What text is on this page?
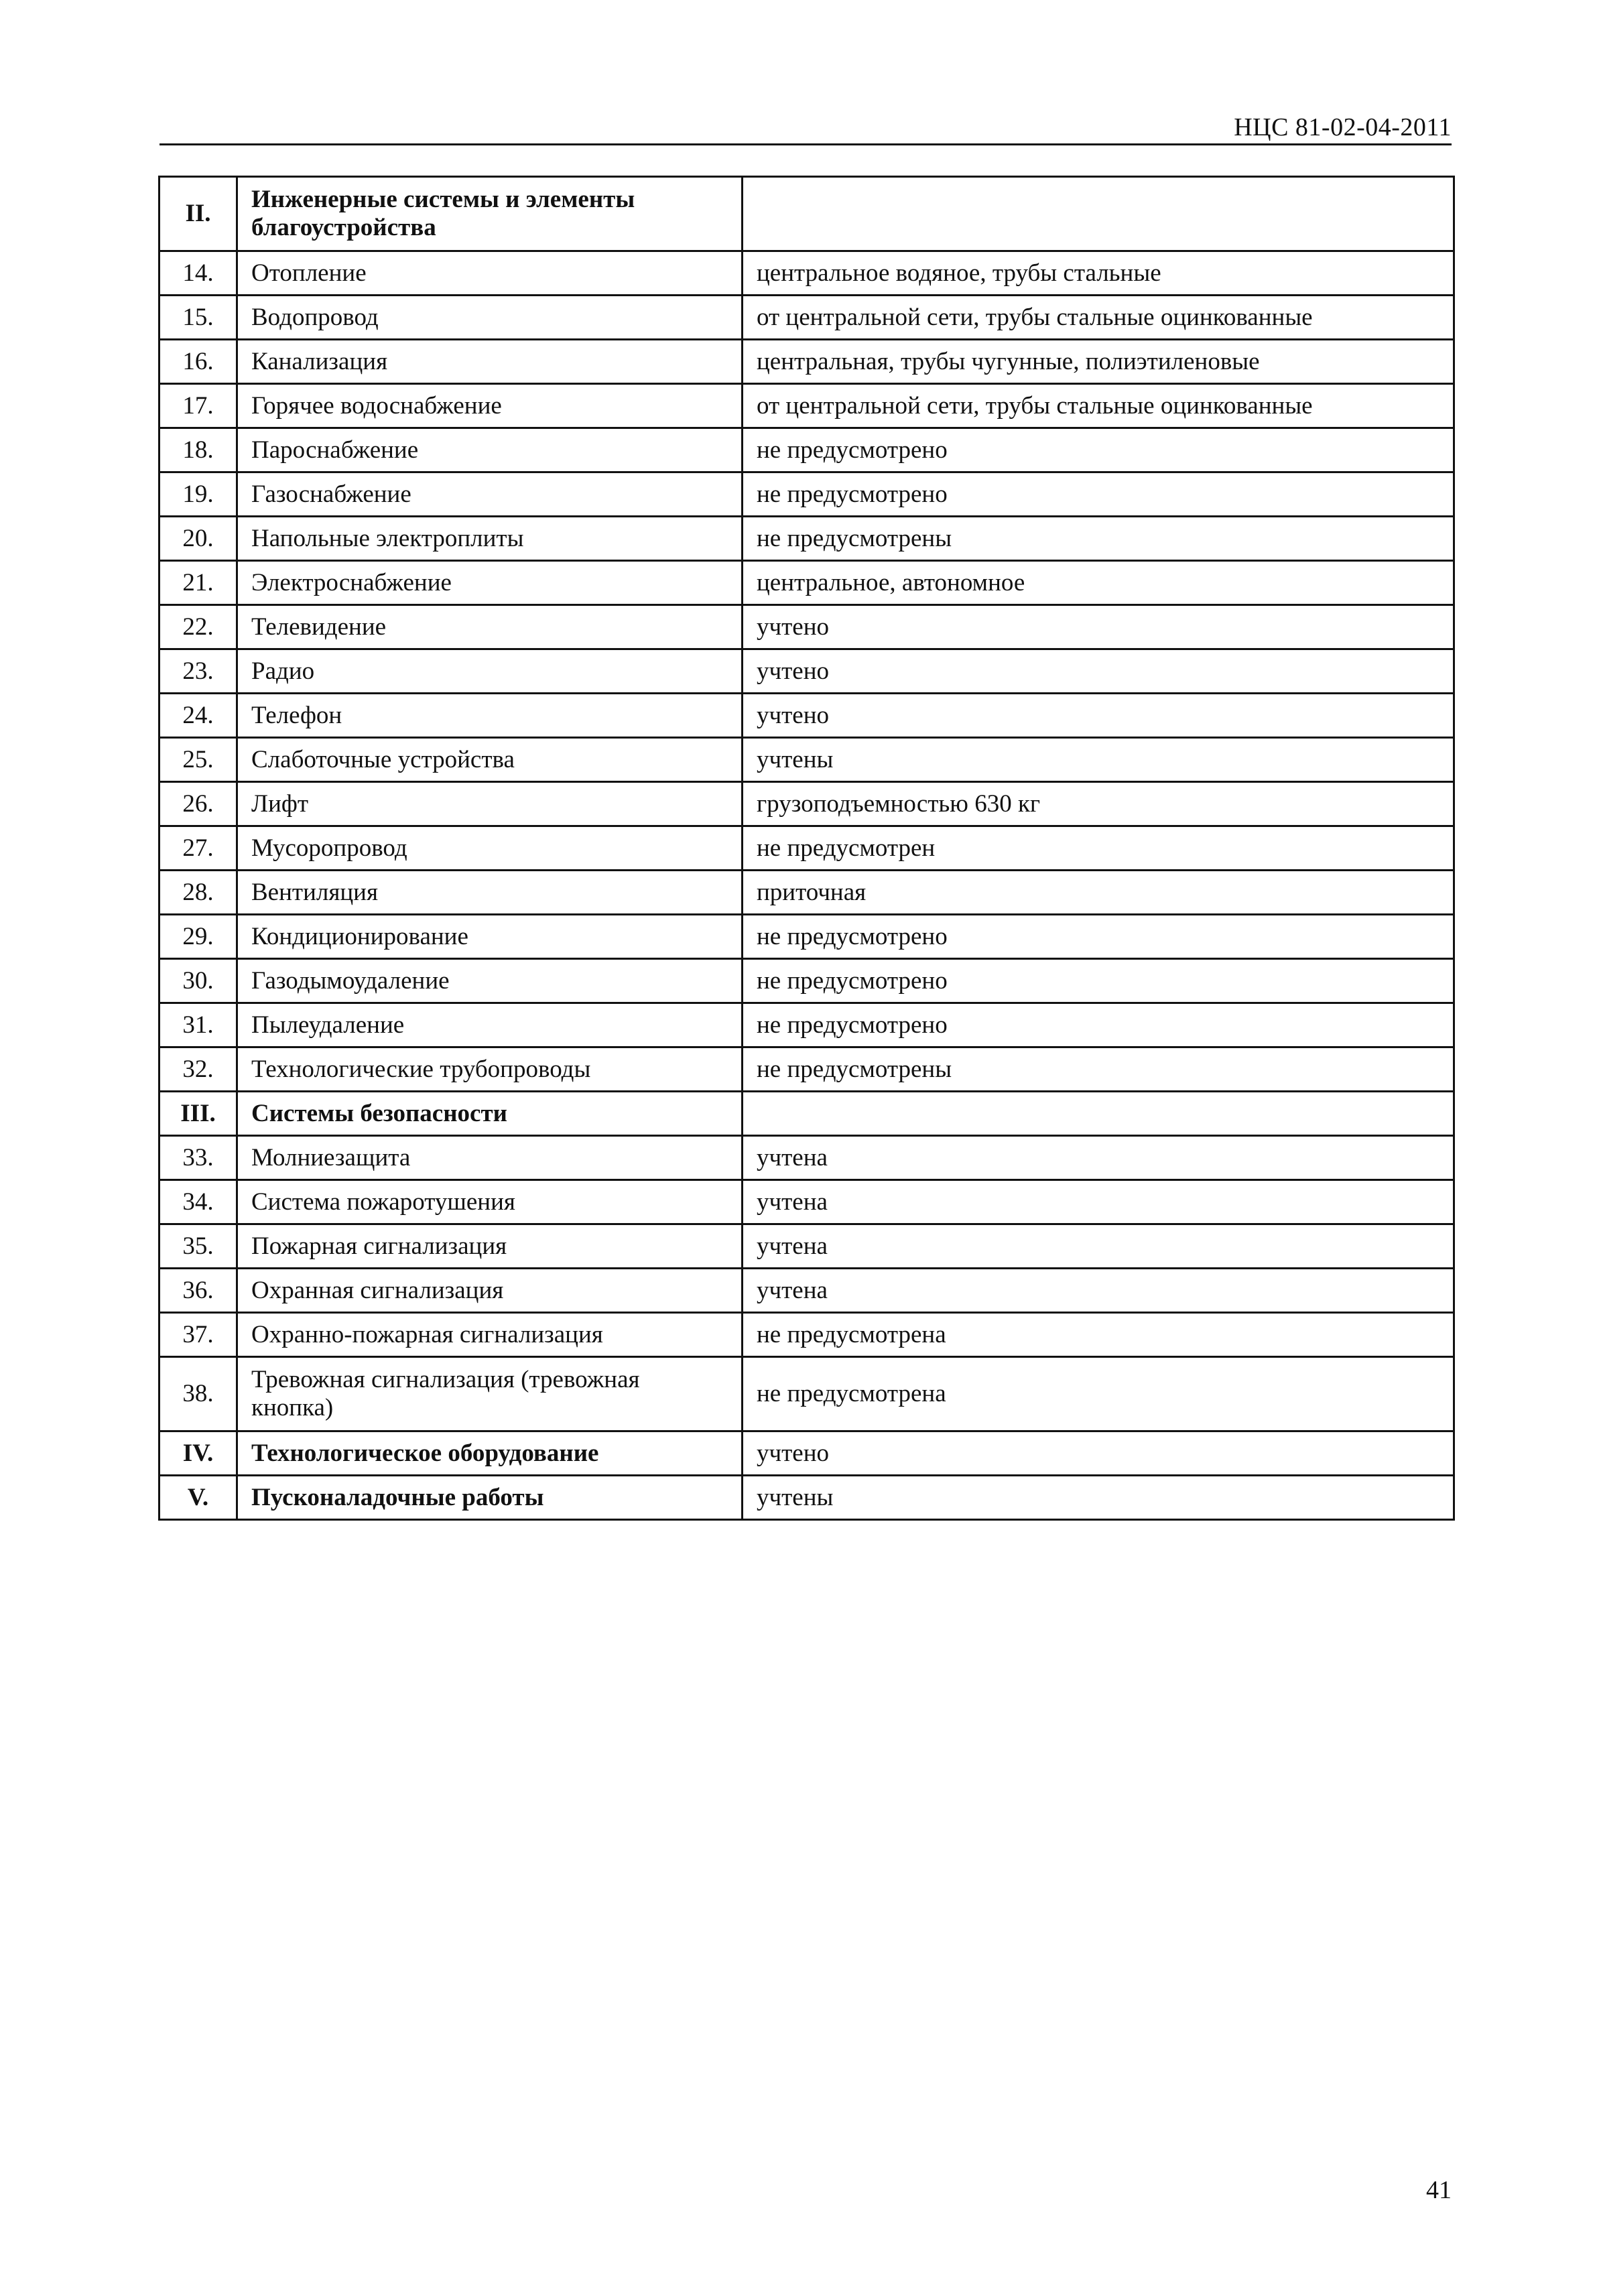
НЦС 81-02-04-2011
II.	Инженерные системы и элементы благоустройства	
14.	Отопление	центральное водяное, трубы стальные
15.	Водопровод	от центральной сети, трубы стальные оцинкованные
16.	Канализация	центральная, трубы чугунные, полиэтиленовые
17.	Горячее водоснабжение	от центральной сети, трубы стальные оцинкованные
18.	Пароснабжение	не предусмотрено
19.	Газоснабжение	не предусмотрено
20.	Напольные электроплиты	не предусмотрены
21.	Электроснабжение	центральное, автономное
22.	Телевидение	учтено
23.	Радио	учтено
24.	Телефон	учтено
25.	Слаботочные устройства	учтены
26.	Лифт	грузоподъемностью 630 кг
27.	Мусоропровод	не предусмотрен
28.	Вентиляция	приточная
29.	Кондиционирование	не предусмотрено
30.	Газодымоудаление	не предусмотрено
31.	Пылеудаление	не предусмотрено
32.	Технологические трубопроводы	не предусмотрены
III.	Системы безопасности	
33.	Молниезащита	учтена
34.	Система пожаротушения	учтена
35.	Пожарная сигнализация	учтена
36.	Охранная сигнализация	учтена
37.	Охранно-пожарная сигнализация	не предусмотрена
38.	Тревожная сигнализация (тревожная кнопка)	не предусмотрена
IV.	Технологическое оборудование	учтено
V.	Пусконаладочные работы	учтены
41
